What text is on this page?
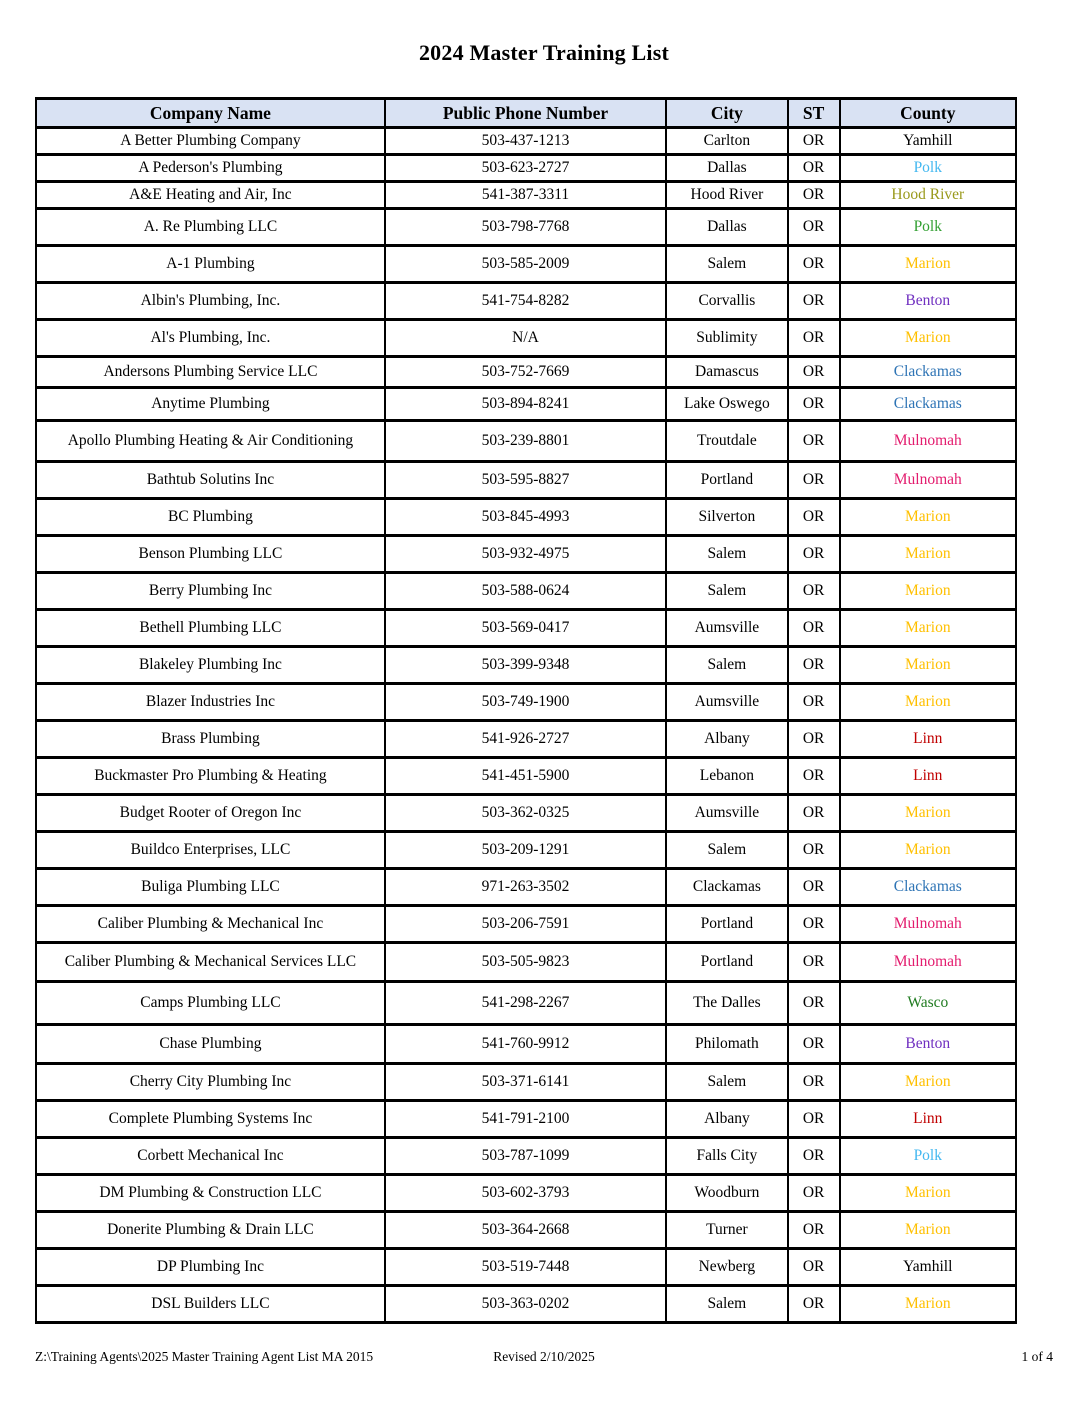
2024 Master Training List
Company Name	Public Phone Number	City	ST	County
A Better Plumbing Company	503-437-1213	Carlton	OR	Yamhill
A Pederson's Plumbing	503-623-2727	Dallas	OR	Polk
A&E Heating and Air, Inc	541-387-3311	Hood River	OR	Hood River
A. Re Plumbing LLC	503-798-7768	Dallas	OR	Polk
A-1 Plumbing	503-585-2009	Salem	OR	Marion
Albin's Plumbing, Inc.	541-754-8282	Corvallis	OR	Benton
Al's Plumbing, Inc.	N/A	Sublimity	OR	Marion
Andersons Plumbing Service LLC	503-752-7669	Damascus	OR	Clackamas
Anytime Plumbing	503-894-8241	Lake Oswego	OR	Clackamas
Apollo Plumbing Heating & Air Conditioning	503-239-8801	Troutdale	OR	Mulnomah
Bathtub Solutins Inc	503-595-8827	Portland	OR	Mulnomah
BC Plumbing	503-845-4993	Silverton	OR	Marion
Benson Plumbing LLC	503-932-4975	Salem	OR	Marion
Berry Plumbing Inc	503-588-0624	Salem	OR	Marion
Bethell Plumbing LLC	503-569-0417	Aumsville	OR	Marion
Blakeley Plumbing Inc	503-399-9348	Salem	OR	Marion
Blazer Industries Inc	503-749-1900	Aumsville	OR	Marion
Brass Plumbing	541-926-2727	Albany	OR	Linn
Buckmaster Pro Plumbing & Heating	541-451-5900	Lebanon	OR	Linn
Budget Rooter of Oregon Inc	503-362-0325	Aumsville	OR	Marion
Buildco Enterprises, LLC	503-209-1291	Salem	OR	Marion
Buliga Plumbing LLC	971-263-3502	Clackamas	OR	Clackamas
Caliber Plumbing & Mechanical Inc	503-206-7591	Portland	OR	Mulnomah
Caliber Plumbing & Mechanical Services LLC	503-505-9823	Portland	OR	Mulnomah
Camps Plumbing LLC	541-298-2267	The Dalles	OR	Wasco
Chase Plumbing	541-760-9912	Philomath	OR	Benton
Cherry City Plumbing Inc	503-371-6141	Salem	OR	Marion
Complete Plumbing Systems Inc	541-791-2100	Albany	OR	Linn
Corbett Mechanical Inc	503-787-1099	Falls City	OR	Polk
DM Plumbing & Construction LLC	503-602-3793	Woodburn	OR	Marion
Donerite Plumbing & Drain LLC	503-364-2668	Turner	OR	Marion
DP Plumbing Inc	503-519-7448	Newberg	OR	Yamhill
DSL Builders LLC	503-363-0202	Salem	OR	Marion
Z:\Training Agents\2025 Master Training Agent List MA 2015	Revised 2/10/2025	1 of 4
